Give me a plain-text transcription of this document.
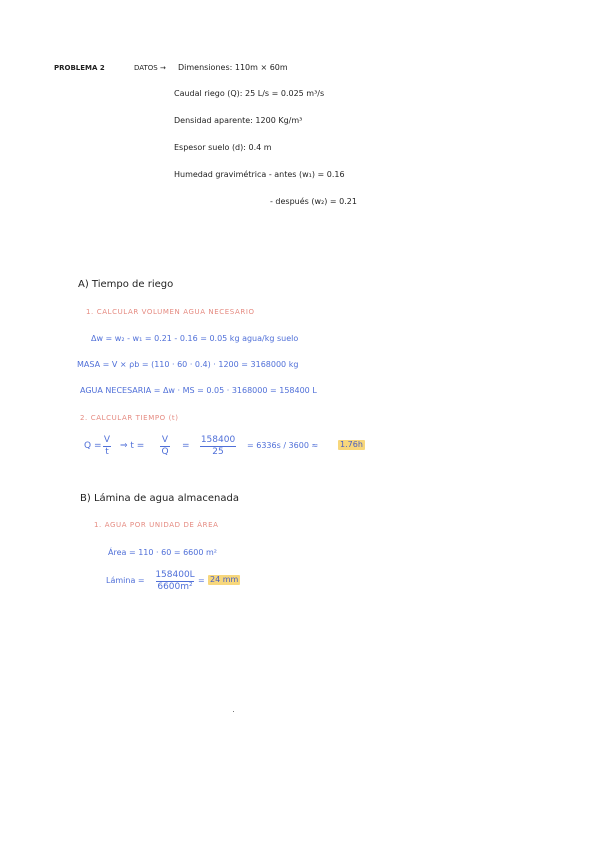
PROBLEMA 2	DATOS → Dimensiones: 110m × 60m
Caudal riego (Q): 25 L/s = 0.025 m³/s
Densidad aparente: 1200 Kg/m³
Espesor suelo (d): 0.4 m
Humedad gravimétrica - antes (w₁) = 0.16
- después (w₂) = 0.21
A) Tiempo de riego
1. CALCULAR VOLUMEN AGUA NECESARIO
Δw = w₂ - w₁ = 0.21 - 0.16 = 0.05 kg agua/kg suelo
MASA = V × ρb = (110 · 60 · 0.4) · 1200 = 3168000 kg
AGUA NECESARIA = Δw · MS = 0.05 · 3168000 = 158400 L
2. CALCULAR TIEMPO (t)
Q =
V
t
⇒ t =
V
Q
=
158400
25
= 6336s / 3600 ≈	1.76h
B) Lámina de agua almacenada
1. AGUA POR UNIDAD DE ÁREA
Área = 110 · 60 = 6600 m²
Lámina =
158400L
6600m²
= 24 mm
